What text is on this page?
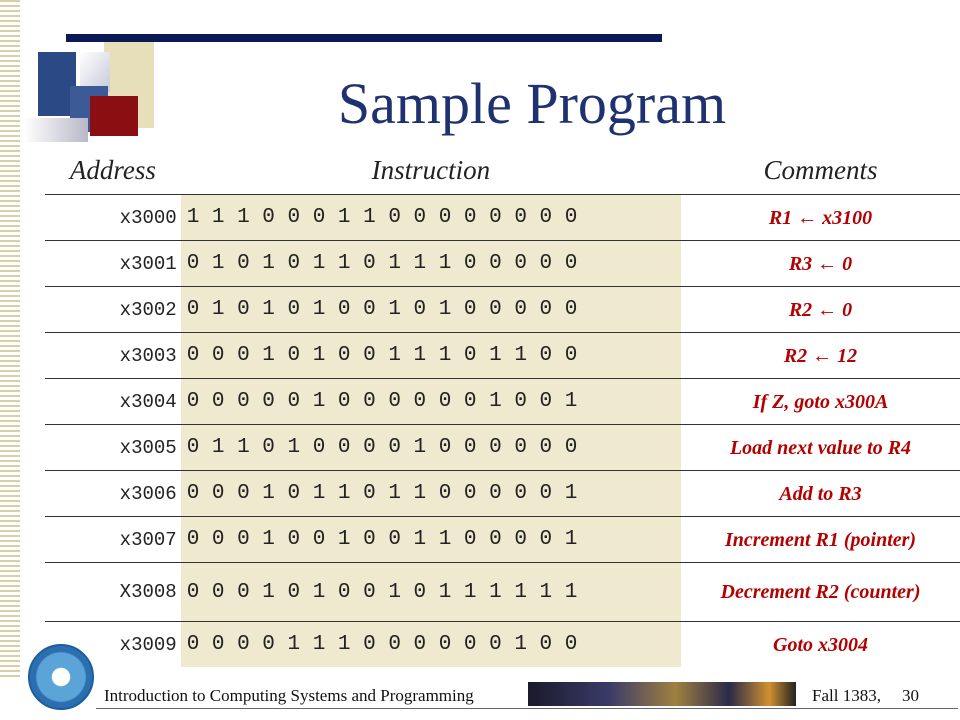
Sample Program
Address	Instruction	Comments
x3000	1 1 1 0 0 0 1 1 0 0 0 0 0 0 0 0	R1 ← x3100
x3001	0 1 0 1 0 1 1 0 1 1 1 0 0 0 0 0	R3 ← 0
x3002	0 1 0 1 0 1 0 0 1 0 1 0 0 0 0 0	R2 ← 0
x3003	0 0 0 1 0 1 0 0 1 1 1 0 1 1 0 0	R2 ← 12
x3004	0 0 0 0 0 1 0 0 0 0 0 0 1 0 0 1	If Z, goto x300A
x3005	0 1 1 0 1 0 0 0 0 1 0 0 0 0 0 0	Load next value to R4
x3006	0 0 0 1 0 1 1 0 1 1 0 0 0 0 0 1	Add to R3
x3007	0 0 0 1 0 0 1 0 0 1 1 0 0 0 0 1	Increment R1 (pointer)
X3008	0 0 0 1 0 1 0 0 1 0 1 1 1 1 1 1	Decrement R2 (counter)
x3009	0 0 0 0 1 1 1 0 0 0 0 0 0 1 0 0	Goto x3004
Introduction to Computing Systems and Programming	Fall 1383, 30
